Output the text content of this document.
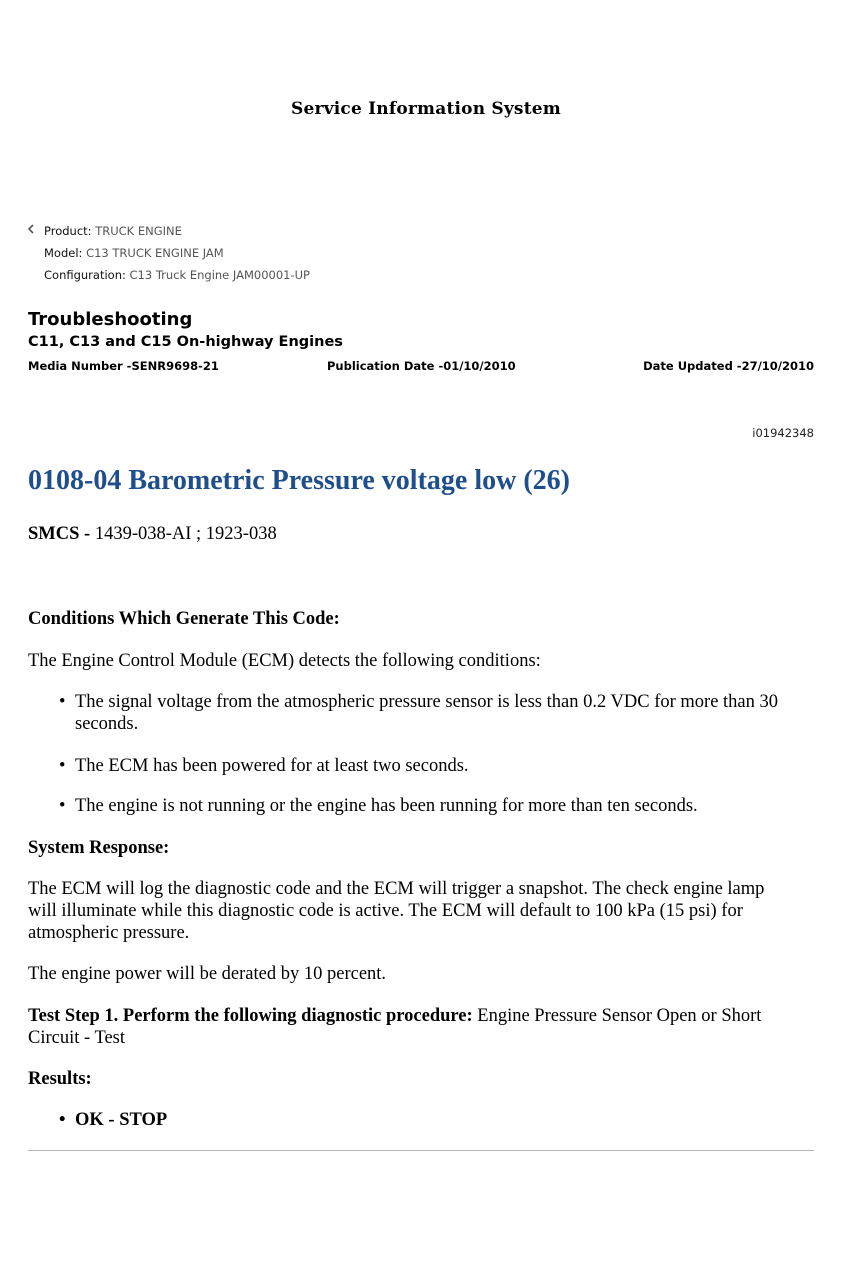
Service Information System
Product: TRUCK ENGINE
Model: C13 TRUCK ENGINE JAM
Configuration: C13 Truck Engine JAM00001-UP
Troubleshooting
C11, C13 and C15 On-highway Engines
Media Number -SENR9698-21	Publication Date -01/10/2010	Date Updated -27/10/2010
i01942348
0108-04 Barometric Pressure voltage low (26)
SMCS - 1439-038-AI ; 1923-038
Conditions Which Generate This Code:
The Engine Control Module (ECM) detects the following conditions:
• The signal voltage from the atmospheric pressure sensor is less than 0.2 VDC for more than 30
seconds.
• The ECM has been powered for at least two seconds.
• The engine is not running or the engine has been running for more than ten seconds.
System Response:
The ECM will log the diagnostic code and the ECM will trigger a snapshot. The check engine lamp
will illuminate while this diagnostic code is active. The ECM will default to 100 kPa (15 psi) for
atmospheric pressure.
The engine power will be derated by 10 percent.
Test Step 1. Perform the following diagnostic procedure: Engine Pressure Sensor Open or Short
Circuit - Test
Results:
• OK - STOP
